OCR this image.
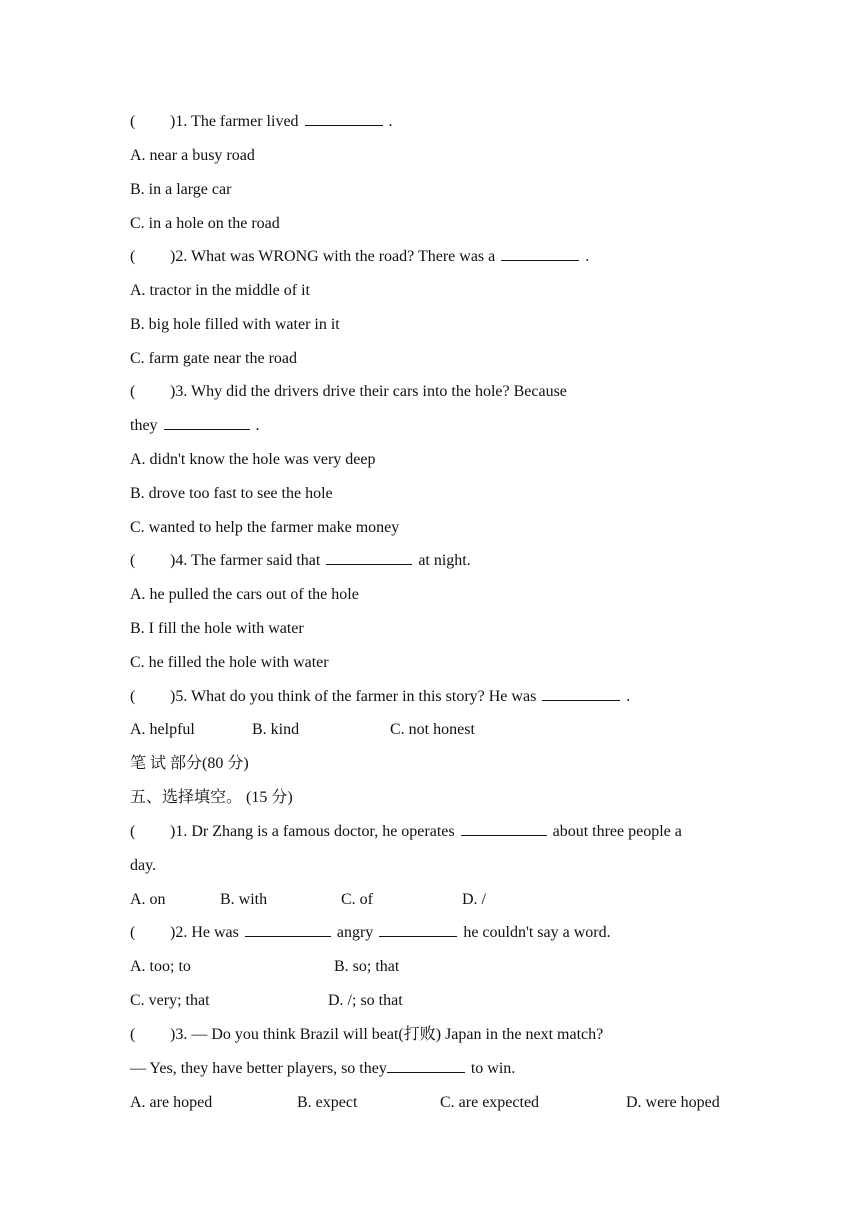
( )1. The farmer lived	.
A. near a busy road
B. in a large car
C. in a hole on the road
( )2. What was WRONG with the road? There was a	.
A. tractor in the middle of it
B. big hole filled with water in it
C. farm gate near the road
( )3. Why did the drivers drive their cars into the hole? Because
they	.
A. didn't know the hole was very deep
B. drove too fast to see the hole
C. wanted to help the farmer make money
( )4. The farmer said that	at night.
A. he pulled the cars out of the hole
B. I fill the hole with water
C. he filled the hole with water
( )5. What do you think of the farmer in this story? He was	.
A. helpful	B. kind	C. not honest
笔 试 部分(80 分)
五、选择填空。 (15 分)
( )1. Dr Zhang is a famous doctor, he operates	about three people a
day.
A. on	B. with	C. of	D. /
( )2. He was	angry	he couldn't say a word.
A. too; to	B. so; that
C. very; that	D. /; so that
( )3. — Do you think Brazil will beat(打败) Japan in the next match?
— Yes, they have better players, so they	to win.
A. are hoped	B. expect	C. are expected	D. were hoped
